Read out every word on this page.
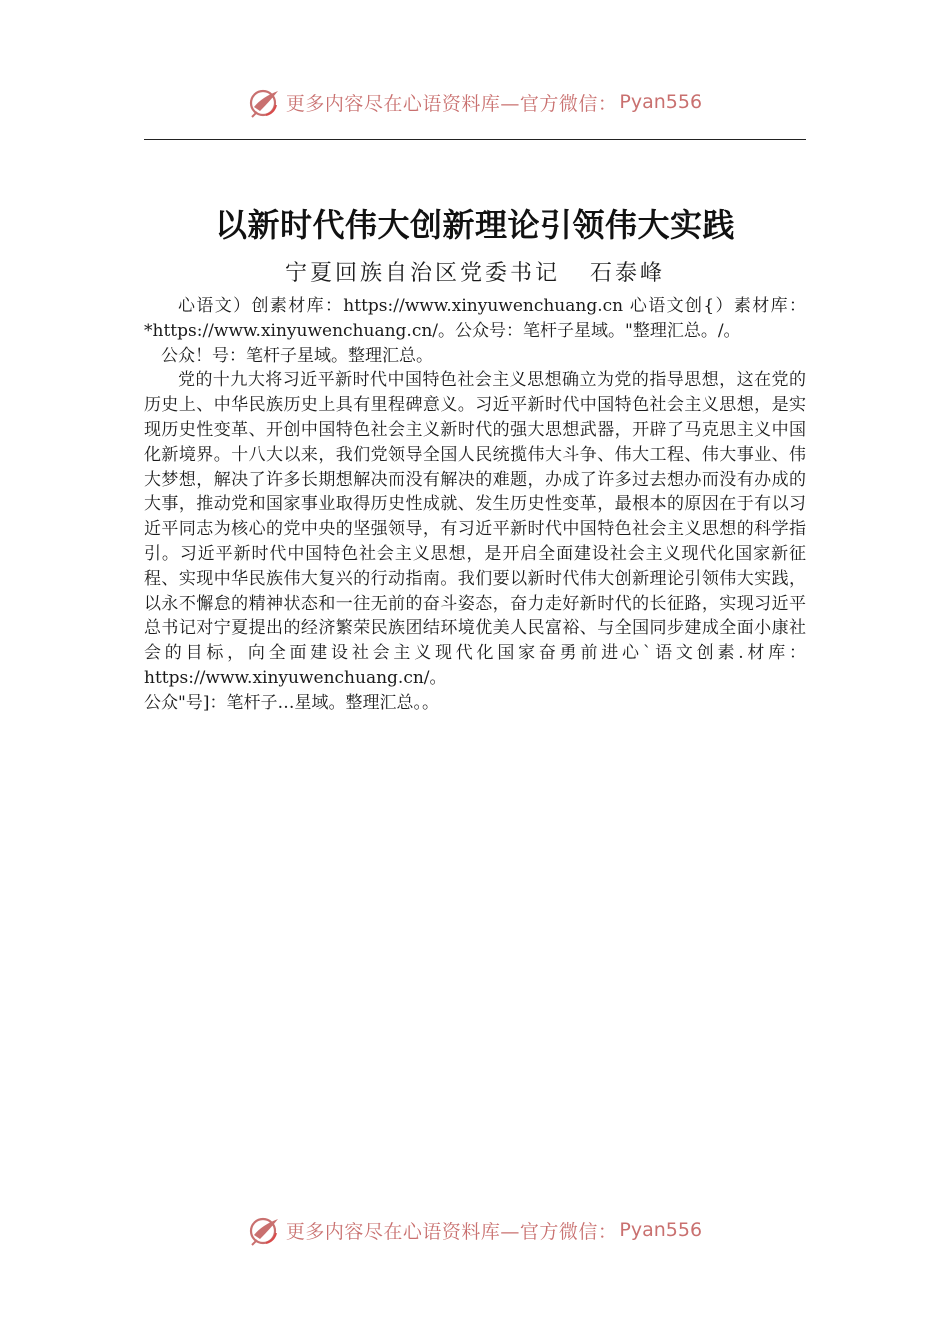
更多内容尽在心语资料库—官方微信： Pyan556
以新时代伟大创新理论引领伟大实践
宁夏回族自治区党委书记   石泰峰

心语文）创素材库：https://www.xinyuwenchuang.cn 心语文创{）素材库：*https://www.xinyuwenchuang.cn/。公众号：笔杆子星域。"整理汇总。/。

公众！号：笔杆子星域。整理汇总。

党的十九大将习近平新时代中国特色社会主义思想确立为党的指导思想，这在党的历史上、中华民族历史上具有里程碑意义。习近平新时代中国特色社会主义思想，是实现历史性变革、开创中国特色社会主义新时代的强大思想武器，开辟了马克思主义中国化新境界。十八大以来，我们党领导全国人民统揽伟大斗争、伟大工程、伟大事业、伟大梦想，解决了许多长期想解决而没有解决的难题，办成了许多过去想办而没有办成的大事，推动党和国家事业取得历史性成就、发生历史性变革，最根本的原因在于有以习近平同志为核心的党中央的坚强领导，有习近平新时代中国特色社会主义思想的科学指引。习近平新时代中国特色社会主义思想，是开启全面建设社会主义现代化国家新征程、实现中华民族伟大复兴的行动指南。我们要以新时代伟大创新理论引领伟大实践，以永不懈怠的精神状态和一往无前的奋斗姿态，奋力走好新时代的长征路，实现习近平总书记对宁夏提出的经济繁荣民族团结环境优美人民富裕、与全国同步建成全面小康社会的目标，向全面建设社会主义现代化国家奋勇前进心`语文创素.材库：https://www.xinyuwenchuang.cn/。

公众"号]：笔杆子…星域。整理汇总。。

更多内容尽在心语资料库—官方微信： Pyan556
